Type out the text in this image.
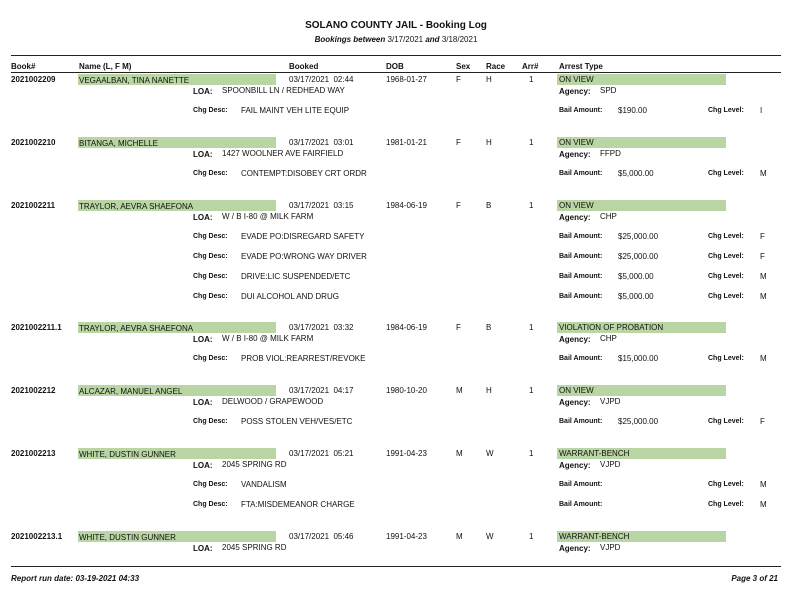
SOLANO COUNTY JAIL - Booking Log
Bookings between 3/17/2021 and 3/18/2021
Book#	Name (L, F M)	Booked	DOB	Sex Race Arr#	Arrest Type
2021002209	VEGAALBAN, TINA NANETTE	03/17/2021  02:44	1968-01-27	F	H	1	ON VIEW
LOA: SPOONBILL LN / REDHEAD WAY	Agency: SPD
Chg Desc: FAIL MAINT VEH LITE EQUIP	Bail Amount: $190.00	Chg Level: I
2021002210	BITANGA, MICHELLE	03/17/2021  03:01	1981-01-21	F	H	1	ON VIEW
LOA: 1427 WOOLNER AVE FAIRFIELD	Agency: FFPD
Chg Desc: CONTEMPT:DISOBEY CRT ORDR	Bail Amount: $5,000.00	Chg Level: M
2021002211	TRAYLOR, AEVRA SHAEFONA	03/17/2021  03:15	1984-06-19	F	B	1	ON VIEW
LOA: W / B I-80 @ MILK FARM	Agency: CHP
Chg Desc: EVADE PO:DISREGARD SAFETY	Bail Amount: $25,000.00	Chg Level: F
Chg Desc: EVADE PO:WRONG WAY DRIVER	Bail Amount: $25,000.00	Chg Level: F
Chg Desc: DRIVE:LIC SUSPENDED/ETC	Bail Amount: $5,000.00	Chg Level: M
Chg Desc: DUI ALCOHOL AND DRUG	Bail Amount: $5,000.00	Chg Level: M
2021002211.1 TRAYLOR, AEVRA SHAEFONA	03/17/2021  03:32	1984-06-19	F	B	1	VIOLATION OF PROBATION
LOA: W / B I-80 @ MILK FARM	Agency: CHP
Chg Desc: PROB VIOL:REARREST/REVOKE	Bail Amount: $15,000.00	Chg Level: M
2021002212	ALCAZAR, MANUEL ANGEL	03/17/2021  04:17	1980-10-20	M	H	1	ON VIEW
LOA: DELWOOD / GRAPEWOOD	Agency: VJPD
Chg Desc: POSS STOLEN VEH/VES/ETC	Bail Amount: $25,000.00	Chg Level: F
2021002213	WHITE, DUSTIN GUNNER	03/17/2021  05:21	1991-04-23	M	W	1	WARRANT-BENCH
LOA: 2045 SPRING RD	Agency: VJPD
Chg Desc: VANDALISM	Bail Amount:	Chg Level: M
Chg Desc: FTA:MISDEMEANOR CHARGE	Bail Amount:	Chg Level: M
2021002213.1 WHITE, DUSTIN GUNNER	03/17/2021  05:46	1991-04-23	M	W	1	WARRANT-BENCH
LOA: 2045 SPRING RD	Agency: VJPD
Report run date: 03-19-2021 04:33	Page 3 of 21
